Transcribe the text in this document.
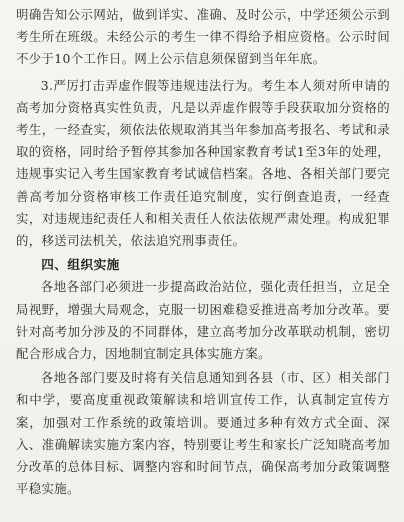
明确告知公示网站，做到详实、准确、及时公示，中学还须公示到考生所在班级。未经公示的考生一律不得给予相应资格。公示时间不少于10个工作日。网上公示信息须保留到当年年底。

3.严厉打击弄虚作假等违规违法行为。考生本人须对所申请的高考加分资格真实性负责，凡是以弄虚作假等手段获取加分资格的考生，一经查实，须依法依规取消其当年参加高考报名、考试和录取的资格，同时给予暂停其参加各种国家教育考试1至3年的处理，违规事实记入考生国家教育考试诚信档案。各地、各相关部门要完善高考加分资格审核工作责任追究制度，实行倒查追责，一经查实，对违规违纪责任人和相关责任人依法依规严肃处理。构成犯罪的，移送司法机关，依法追究刑事责任。

四、组织实施

各地各部门必须进一步提高政治站位，强化责任担当，立足全局视野，增强大局观念，克服一切困难稳妥推进高考加分改革。要针对高考加分涉及的不同群体，建立高考加分改革联动机制，密切配合形成合力，因地制宜制定具体实施方案。

各地各部门要及时将有关信息通知到各县（市、区）相关部门和中学，要高度重视政策解读和培训宣传工作，认真制定宣传方案，加强对工作系统的政策培训。要通过多种有效方式全面、深入、准确解读实施方案内容，特别要让考生和家长广泛知晓高考加分改革的总体目标、调整内容和时间节点，确保高考加分政策调整平稳实施。
